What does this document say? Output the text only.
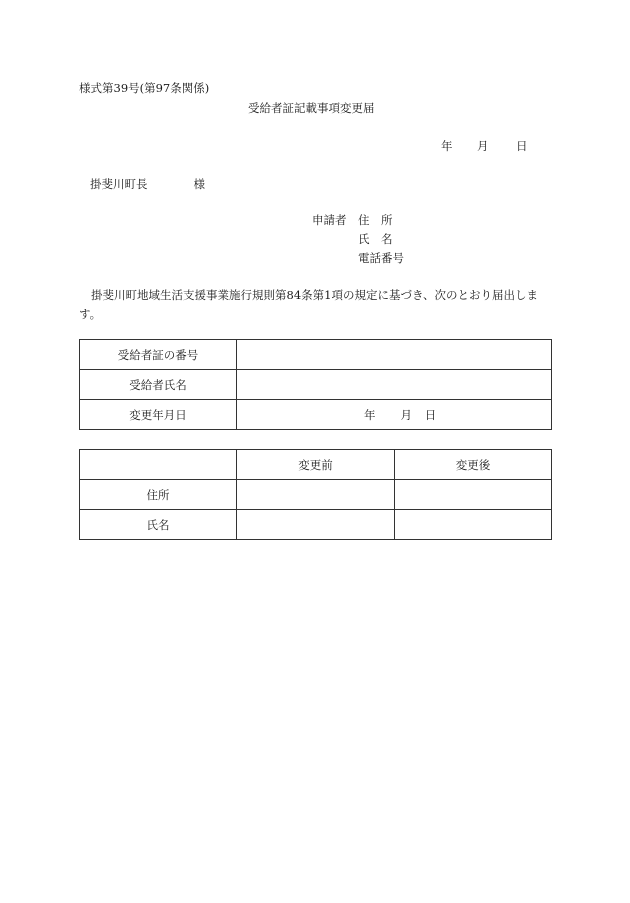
様式第39号(第97条関係)
受給者証記載事項変更届
年 月 日
掛斐川町長	様
申請者 住　所
氏　名
電話番号
掛斐川町地域生活支援事業施行規則第84条第1項の規定に基づき、次のとおり届出します。
受給者証の番号	
受給者氏名	
変更年月日	年 月 日
	変更前	変更後
住所		
氏名		
